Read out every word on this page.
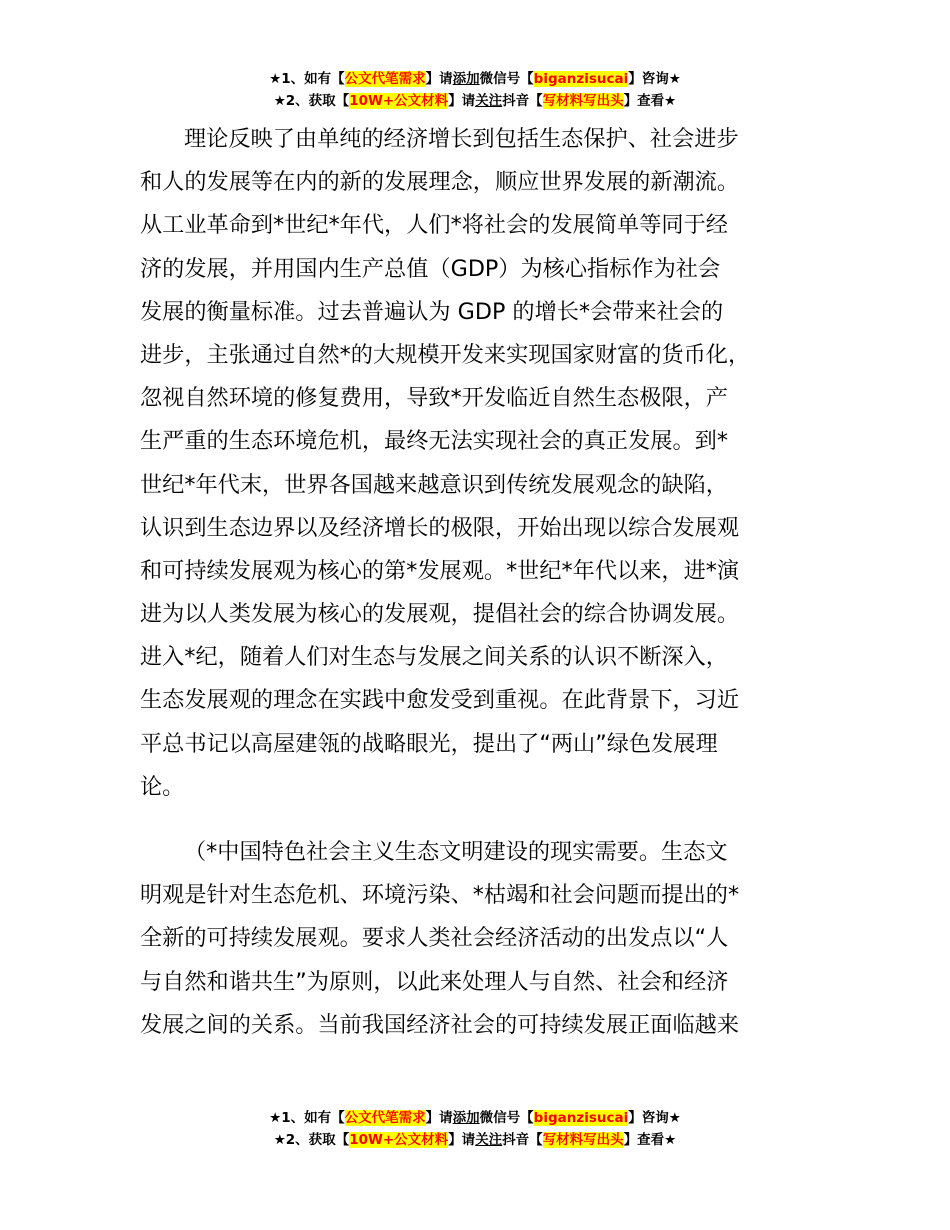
★1、如有【公文代笔需求】请添加微信号【biganzisucai】咨询★
★2、获取【10W+公文材料】请关注抖音【写材料写出头】查看★
理论反映了由单纯的经济增长到包括生态保护、社会进步
和人的发展等在内的新的发展理念，顺应世界发展的新潮流。
从工业革命到*世纪*年代，人们*将社会的发展简单等同于经
济的发展，并用国内生产总值（GDP）为核心指标作为社会
发展的衡量标准。过去普遍认为 GDP 的增长*会带来社会的
进步，主张通过自然*的大规模开发来实现国家财富的货币化，
忽视自然环境的修复费用，导致*开发临近自然生态极限，产
生严重的生态环境危机，最终无法实现社会的真正发展。到*
世纪*年代末，世界各国越来越意识到传统发展观念的缺陷，
认识到生态边界以及经济增长的极限，开始出现以综合发展观
和可持续发展观为核心的第*发展观。*世纪*年代以来，进*演
进为以人类发展为核心的发展观，提倡社会的综合协调发展。
进入*纪，随着人们对生态与发展之间关系的认识不断深入，
生态发展观的理念在实践中愈发受到重视。在此背景下，习近
平总书记以高屋建瓴的战略眼光，提出了“两山”绿色发展理
论。
（*中国特色社会主义生态文明建设的现实需要。生态文
明观是针对生态危机、环境污染、*枯竭和社会问题而提出的*
全新的可持续发展观。要求人类社会经济活动的出发点以“人
与自然和谐共生”为原则，以此来处理人与自然、社会和经济
发展之间的关系。当前我国经济社会的可持续发展正面临越来
★1、如有【公文代笔需求】请添加微信号【biganzisucai】咨询★
★2、获取【10W+公文材料】请关注抖音【写材料写出头】查看★
